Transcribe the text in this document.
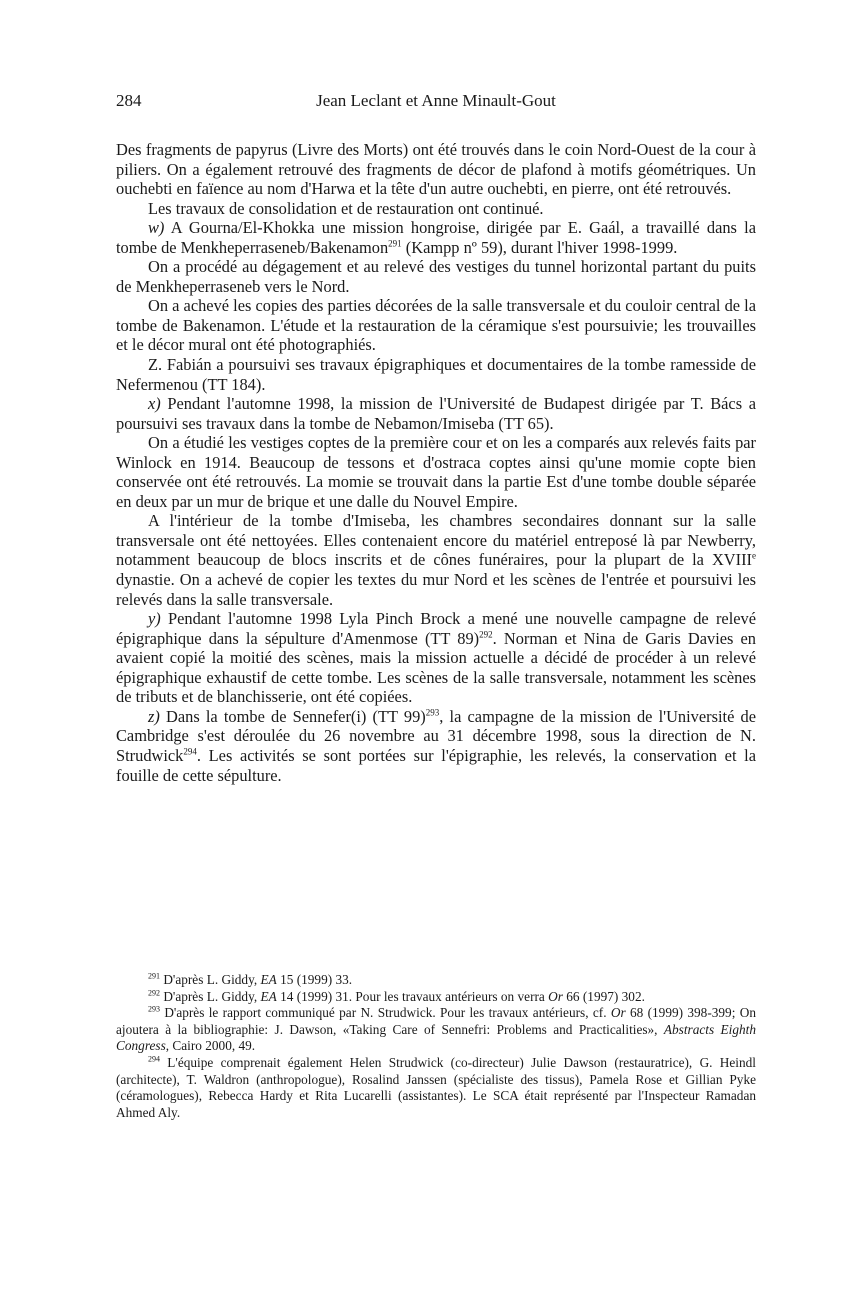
284	Jean Leclant et Anne Minault-Gout

Des fragments de papyrus (Livre des Morts) ont été trouvés dans le coin Nord-Ouest de la cour à piliers. On a également retrouvé des fragments de décor de plafond à motifs géométriques. Un ouchebti en faïence au nom d'Harwa et la tête d'un autre ouchebti, en pierre, ont été retrouvés.

Les travaux de consolidation et de restauration ont continué.

w) A Gourna/El-Khokka une mission hongroise, dirigée par E. Gaál, a travaillé dans la tombe de Menkheperraseneb/Bakenamon$^{291}$ (Kampp nº 59), durant l'hiver 1998-1999.

On a procédé au dégagement et au relevé des vestiges du tunnel horizontal partant du puits de Menkheperraseneb vers le Nord.

On a achevé les copies des parties décorées de la salle transversale et du couloir central de la tombe de Bakenamon. L'étude et la restauration de la céramique s'est poursuivie; les trouvailles et le décor mural ont été photographiés.

Z. Fabián a poursuivi ses travaux épigraphiques et documentaires de la tombe ramesside de Nefermenou (TT 184).

x) Pendant l'automne 1998, la mission de l'Université de Budapest dirigée par T. Bács a poursuivi ses travaux dans la tombe de Nebamon/Imiseba (TT 65).

On a étudié les vestiges coptes de la première cour et on les a comparés aux relevés faits par Winlock en 1914. Beaucoup de tessons et d'ostraca coptes ainsi qu'une momie copte bien conservée ont été retrouvés. La momie se trouvait dans la partie Est d'une tombe double séparée en deux par un mur de brique et une dalle du Nouvel Empire.

A l'intérieur de la tombe d'Imiseba, les chambres secondaires donnant sur la salle transversale ont été nettoyées. Elles contenaient encore du matériel entreposé là par Newberry, notamment beaucoup de blocs inscrits et de cônes funéraires, pour la plupart de la XVIIIe dynastie. On a achevé de copier les textes du mur Nord et les scènes de l'entrée et poursuivi les relevés dans la salle transversale.

y) Pendant l'automne 1998 Lyla Pinch Brock a mené une nouvelle campagne de relevé épigraphique dans la sépulture d'Amenmose (TT 89)$^{292}$. Norman et Nina de Garis Davies en avaient copié la moitié des scènes, mais la mission actuelle a décidé de procéder à un relevé épigraphique exhaustif de cette tombe. Les scènes de la salle transversale, notamment les scènes de tributs et de blanchisserie, ont été copiées.

z) Dans la tombe de Sennefer(i) (TT 99)$^{293}$, la campagne de la mission de l'Université de Cambridge s'est déroulée du 26 novembre au 31 décembre 1998, sous la direction de N. Strudwick$^{294}$. Les activités se sont portées sur l'épigraphie, les relevés, la conservation et la fouille de cette sépulture.

$^{291}$ D'après L. Giddy, EA 15 (1999) 33.

$^{292}$ D'après L. Giddy, EA 14 (1999) 31. Pour les travaux antérieurs on verra Or 66 (1997) 302.

$^{293}$ D'après le rapport communiqué par N. Strudwick. Pour les travaux antérieurs, cf. Or 68 (1999) 398-399; On ajoutera à la bibliographie: J. Dawson, «Taking Care of Sennefri: Problems and Practicalities», Abstracts Eighth Congress, Cairo 2000, 49.

$^{294}$ L'équipe comprenait également Helen Strudwick (co-directeur) Julie Dawson (restauratrice), G. Heindl (architecte), T. Waldron (anthropologue), Rosalind Janssen (spécialiste des tissus), Pamela Rose et Gillian Pyke (céramologues), Rebecca Hardy et Rita Lucarelli (assistantes). Le SCA était représenté par l'Inspecteur Ramadan Ahmed Aly.
